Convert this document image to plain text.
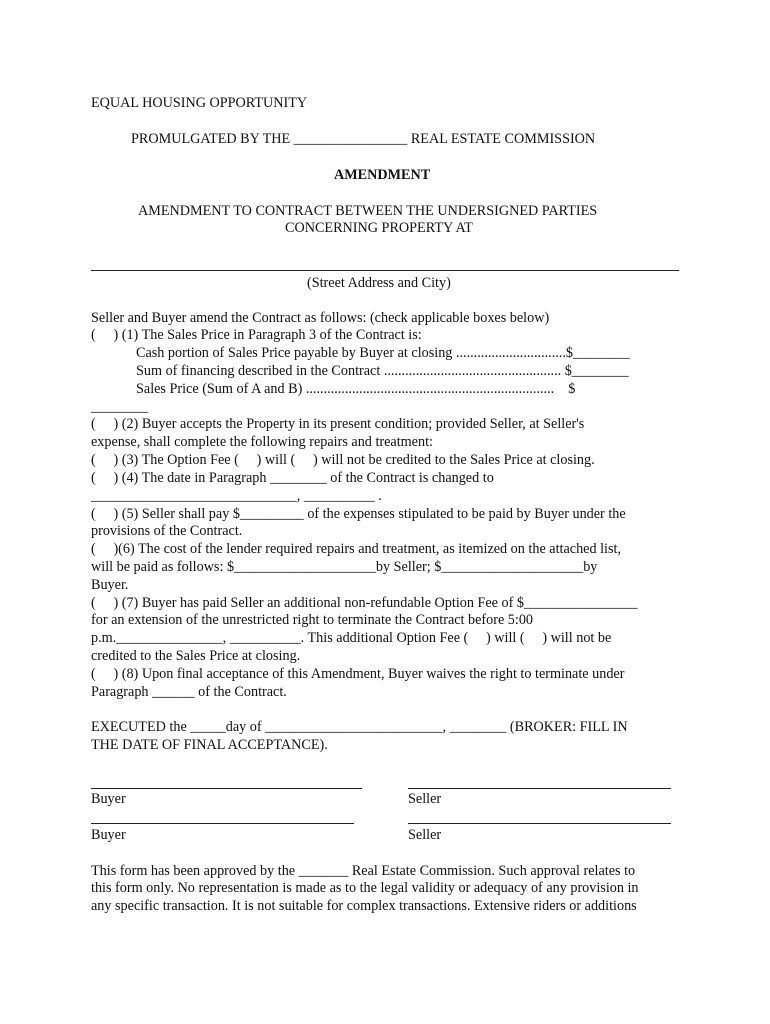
EQUAL HOUSING OPPORTUNITY
PROMULGATED BY THE ________________ REAL ESTATE COMMISSION
AMENDMENT
AMENDMENT TO CONTRACT BETWEEN THE UNDERSIGNED PARTIES
CONCERNING PROPERTY AT
(Street Address and City)
Seller and Buyer amend the Contract as follows: (check applicable boxes below)
(     ) (1) The Sales Price in Paragraph 3 of the Contract is:
Cash portion of Sales Price payable by Buyer at closing ...............................$________
Sum of financing described in the Contract .................................................. $________
Sales Price (Sum of A and B) ......................................................................    $
________
(     ) (2) Buyer accepts the Property in its present condition; provided Seller, at Seller's
expense, shall complete the following repairs and treatment:
(     ) (3) The Option Fee (     ) will (     ) will not be credited to the Sales Price at closing.
(     ) (4) The date in Paragraph ________ of the Contract is changed to
_____________________________, __________ .
(     ) (5) Seller shall pay $_________ of the expenses stipulated to be paid by Buyer under the
provisions of the Contract.
(     )(6) The cost of the lender required repairs and treatment, as itemized on the attached list,
will be paid as follows: $____________________by Seller; $____________________by
Buyer.
(     ) (7) Buyer has paid Seller an additional non-refundable Option Fee of $________________
for an extension of the unrestricted right to terminate the Contract before 5:00
p.m._______________, __________. This additional Option Fee (     ) will (     ) will not be
credited to the Sales Price at closing.
(     ) (8) Upon final acceptance of this Amendment, Buyer waives the right to terminate under
Paragraph ______ of the Contract.
EXECUTED the _____day of _________________________, ________ (BROKER: FILL IN
THE DATE OF FINAL ACCEPTANCE).
Buyer	Seller
Buyer	Seller
This form has been approved by the _______ Real Estate Commission. Such approval relates to
this form only. No representation is made as to the legal validity or adequacy of any provision in
any specific transaction. It is not suitable for complex transactions. Extensive riders or additions
